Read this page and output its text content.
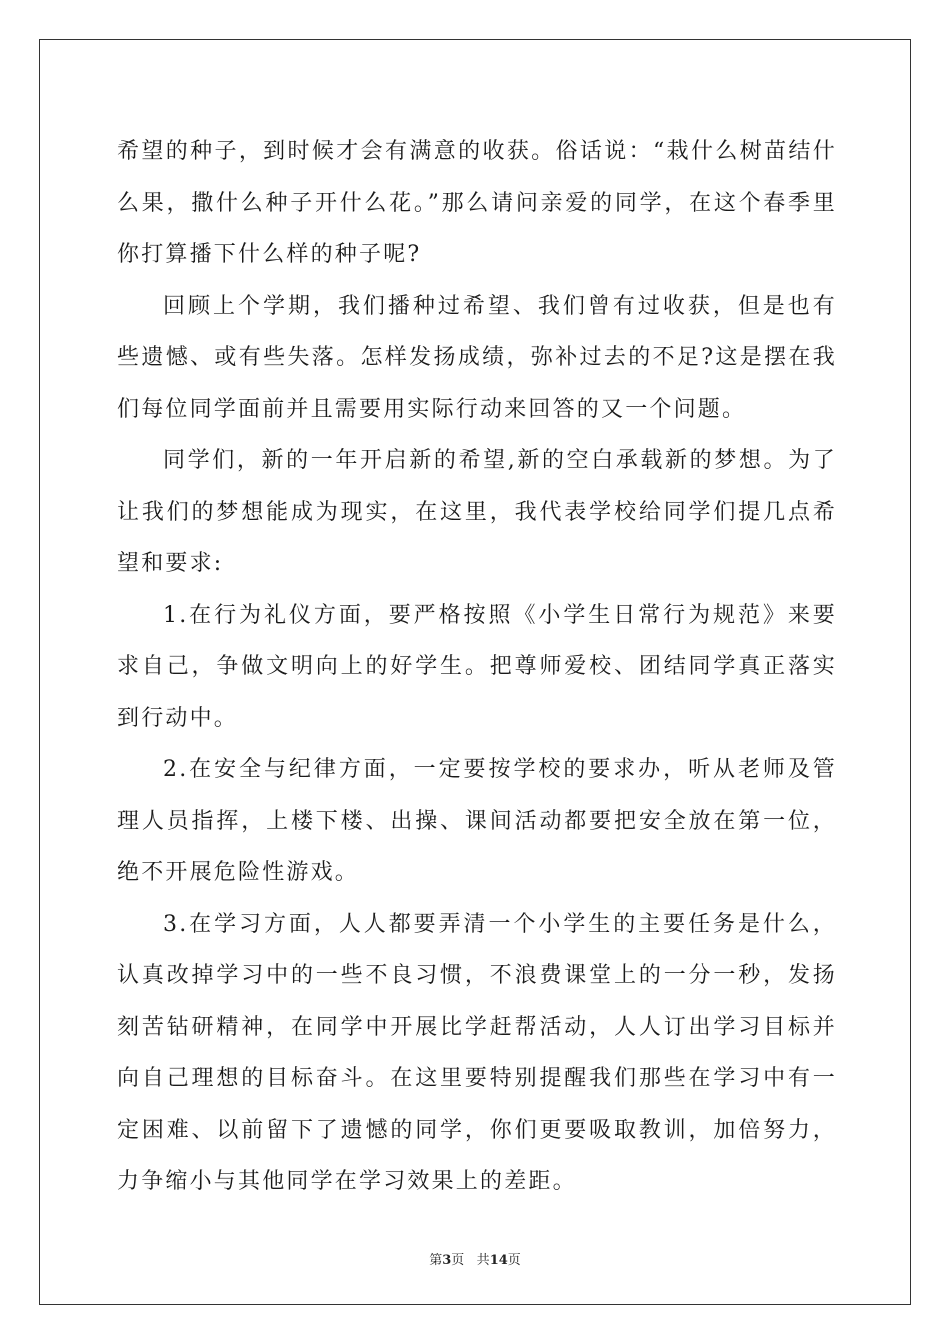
希望的种子，到时候才会有满意的收获。俗话说：“栽什么树苗结什么果，撒什么种子开什么花。”那么请问亲爱的同学，在这个春季里你打算播下什么样的种子呢?

回顾上个学期，我们播种过希望、我们曾有过收获，但是也有些遗憾、或有些失落。怎样发扬成绩，弥补过去的不足?这是摆在我们每位同学面前并且需要用实际行动来回答的又一个问题。

同学们，新的一年开启新的希望,新的空白承载新的梦想。为了让我们的梦想能成为现实，在这里，我代表学校给同学们提几点希望和要求:

1.在行为礼仪方面，要严格按照《小学生日常行为规范》来要求自己，争做文明向上的好学生。把尊师爱校、团结同学真正落实到行动中。

2.在安全与纪律方面，一定要按学校的要求办，听从老师及管理人员指挥，上楼下楼、出操、课间活动都要把安全放在第一位，绝不开展危险性游戏。

3.在学习方面，人人都要弄清一个小学生的主要任务是什么，认真改掉学习中的一些不良习惯，不浪费课堂上的一分一秒，发扬刻苦钻研精神，在同学中开展比学赶帮活动，人人订出学习目标并向自己理想的目标奋斗。在这里要特别提醒我们那些在学习中有一定困难、以前留下了遗憾的同学，你们更要吸取教训，加倍努力，力争缩小与其他同学在学习效果上的差距。

第3页 共14页
